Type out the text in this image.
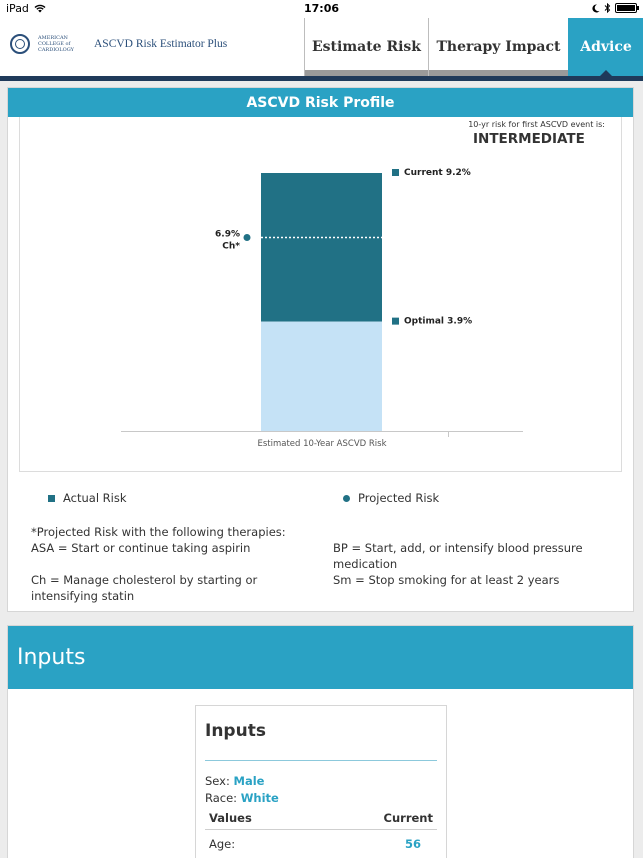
iPad	17:06
AMERICAN COLLEGE of CARDIOLOGY	ASCVD Risk Estimator Plus	Estimate Risk Therapy Impact Advice
ASCVD Risk Profile
10-yr risk for first ASCVD event is:
INTERMEDIATE
6.9%
Ch*
Current 9.2%
Optimal 3.9%
Estimated 10-Year ASCVD Risk
Actual Risk	Projected Risk
*Projected Risk with the following therapies:
ASA = Start or continue taking aspirin
Ch = Manage cholesterol by starting or intensifying statin
BP = Start, add, or intensify blood pressure medication
Sm = Stop smoking for at least 2 years
Inputs
Inputs
Sex: Male
Race: White
Values	Current
Age:	56
